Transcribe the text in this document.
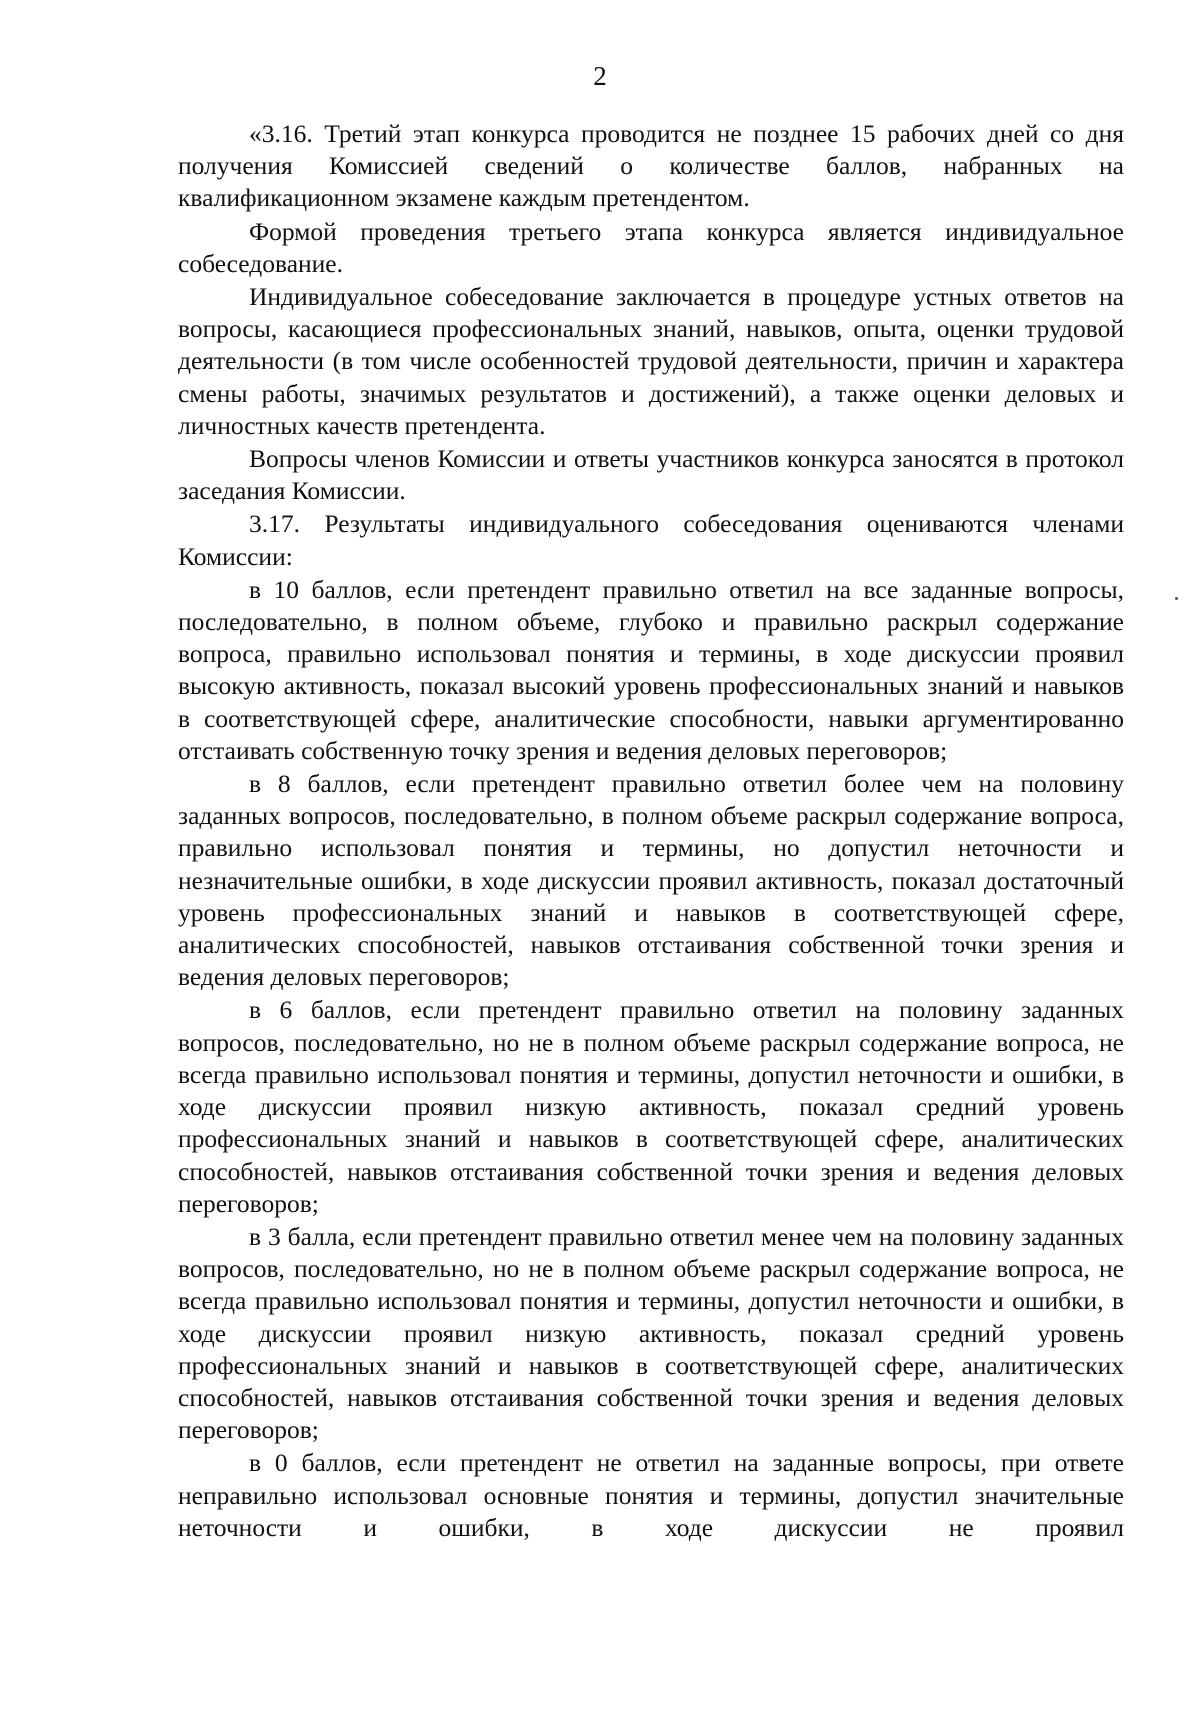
2

«3.16. Третий этап конкурса проводится не позднее 15 рабочих дней со дня получения Комиссией сведений о количестве баллов, набранных на квалификационном экзамене каждым претендентом.

Формой проведения третьего этапа конкурса является индивидуальное собеседование.

Индивидуальное собеседование заключается в процедуре устных ответов на вопросы, касающиеся профессиональных знаний, навыков, опыта, оценки трудовой деятельности (в том числе особенностей трудовой деятельности, причин и характера смены работы, значимых результатов и достижений), а также оценки деловых и личностных качеств претендента.

Вопросы членов Комиссии и ответы участников конкурса заносятся в протокол заседания Комиссии.

3.17. Результаты индивидуального собеседования оцениваются членами Комиссии:

в 10 баллов, если претендент правильно ответил на все заданные вопросы, последовательно, в полном объеме, глубоко и правильно раскрыл содержание вопроса, правильно использовал понятия и термины, в ходе дискуссии проявил высокую активность, показал высокий уровень профессиональных знаний и навыков в соответствующей сфере, аналитические способности, навыки аргументированно отстаивать собственную точку зрения и ведения деловых переговоров;

в 8 баллов, если претендент правильно ответил более чем на половину заданных вопросов, последовательно, в полном объеме раскрыл содержание вопроса, правильно использовал понятия и термины, но допустил неточности и незначительные ошибки, в ходе дискуссии проявил активность, показал достаточный уровень профессиональных знаний и навыков в соответствующей сфере, аналитических способностей, навыков отстаивания собственной точки зрения и ведения деловых переговоров;

в 6 баллов, если претендент правильно ответил на половину заданных вопросов, последовательно, но не в полном объеме раскрыл содержание вопроса, не всегда правильно использовал понятия и термины, допустил неточности и ошибки, в ходе дискуссии проявил низкую активность, показал средний уровень профессиональных знаний и навыков в соответствующей сфере, аналитических способностей, навыков отстаивания собственной точки зрения и ведения деловых переговоров;

в 3 балла, если претендент правильно ответил менее чем на половину заданных вопросов, последовательно, но не в полном объеме раскрыл содержание вопроса, не всегда правильно использовал понятия и термины, допустил неточности и ошибки, в ходе дискуссии проявил низкую активность, показал средний уровень профессиональных знаний и навыков в соответствующей сфере, аналитических способностей, навыков отстаивания собственной точки зрения и ведения деловых переговоров;

в 0 баллов, если претендент не ответил на заданные вопросы, при ответе неправильно использовал основные понятия и термины, допустил значительные неточности и ошибки, в ходе дискуссии не проявил
